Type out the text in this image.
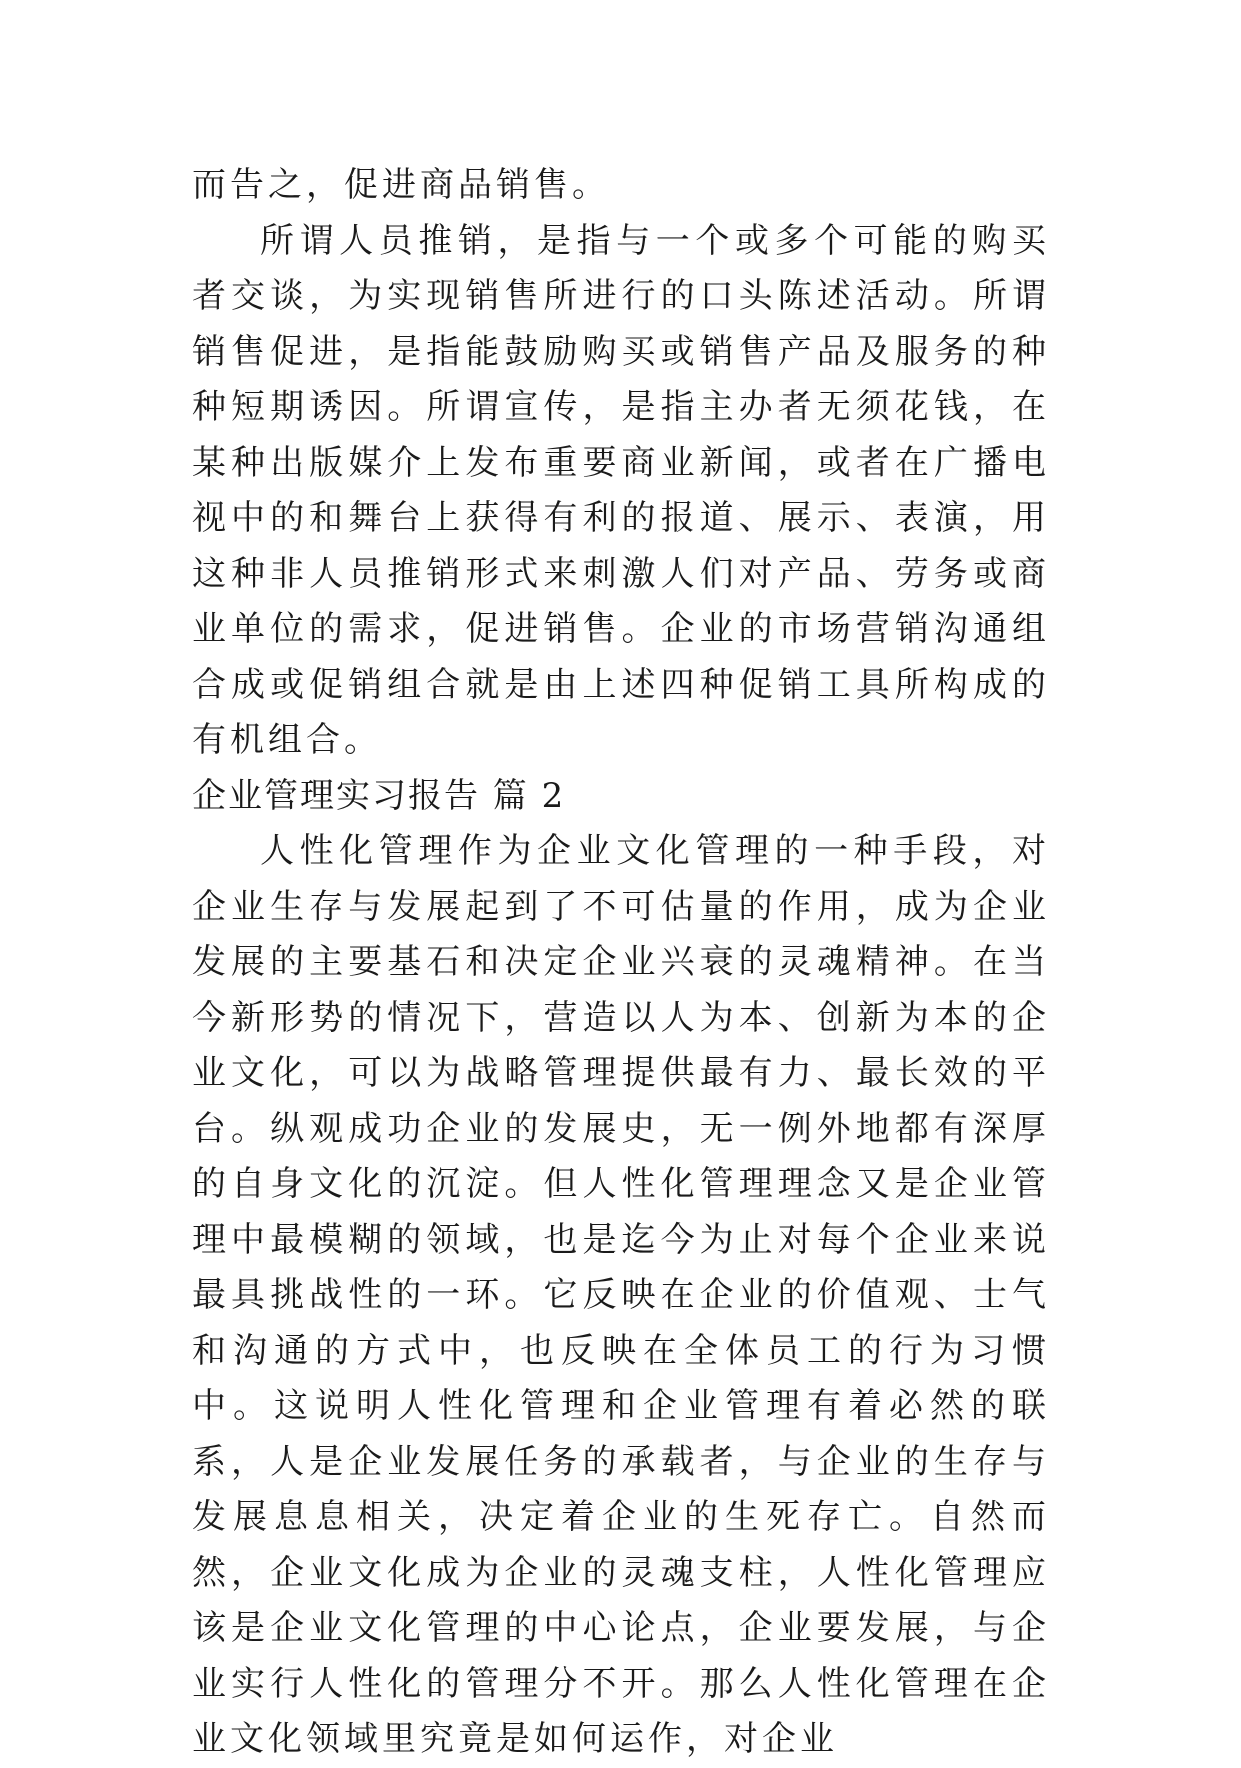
而告之，促进商品销售。

所谓人员推销，是指与一个或多个可能的购买者交谈，为实现销售所进行的口头陈述活动。所谓销售促进，是指能鼓励购买或销售产品及服务的种种短期诱因。所谓宣传，是指主办者无须花钱，在某种出版媒介上发布重要商业新闻，或者在广播电视中的和舞台上获得有利的报道、展示、表演，用这种非人员推销形式来刺激人们对产品、劳务或商业单位的需求，促进销售。企业的市场营销沟通组合成或促销组合就是由上述四种促销工具所构成的有机组合。

企业管理实习报告 篇 2

人性化管理作为企业文化管理的一种手段，对企业生存与发展起到了不可估量的作用，成为企业发展的主要基石和决定企业兴衰的灵魂精神。在当今新形势的情况下，营造以人为本、创新为本的企业文化，可以为战略管理提供最有力、最长效的平台。纵观成功企业的发展史，无一例外地都有深厚的自身文化的沉淀。但人性化管理理念又是企业管理中最模糊的领域，也是迄今为止对每个企业来说最具挑战性的一环。它反映在企业的价值观、士气和沟通的方式中，也反映在全体员工的行为习惯中。这说明人性化管理和企业管理有着必然的联系，人是企业发展任务的承载者，与企业的生存与发展息息相关，决定着企业的生死存亡。自然而然，企业文化成为企业的灵魂支柱，人性化管理应该是企业文化管理的中心论点，企业要发展，与企业实行人性化的管理分不开。那么人性化管理在企业文化领域里究竟是如何运作，对企业
